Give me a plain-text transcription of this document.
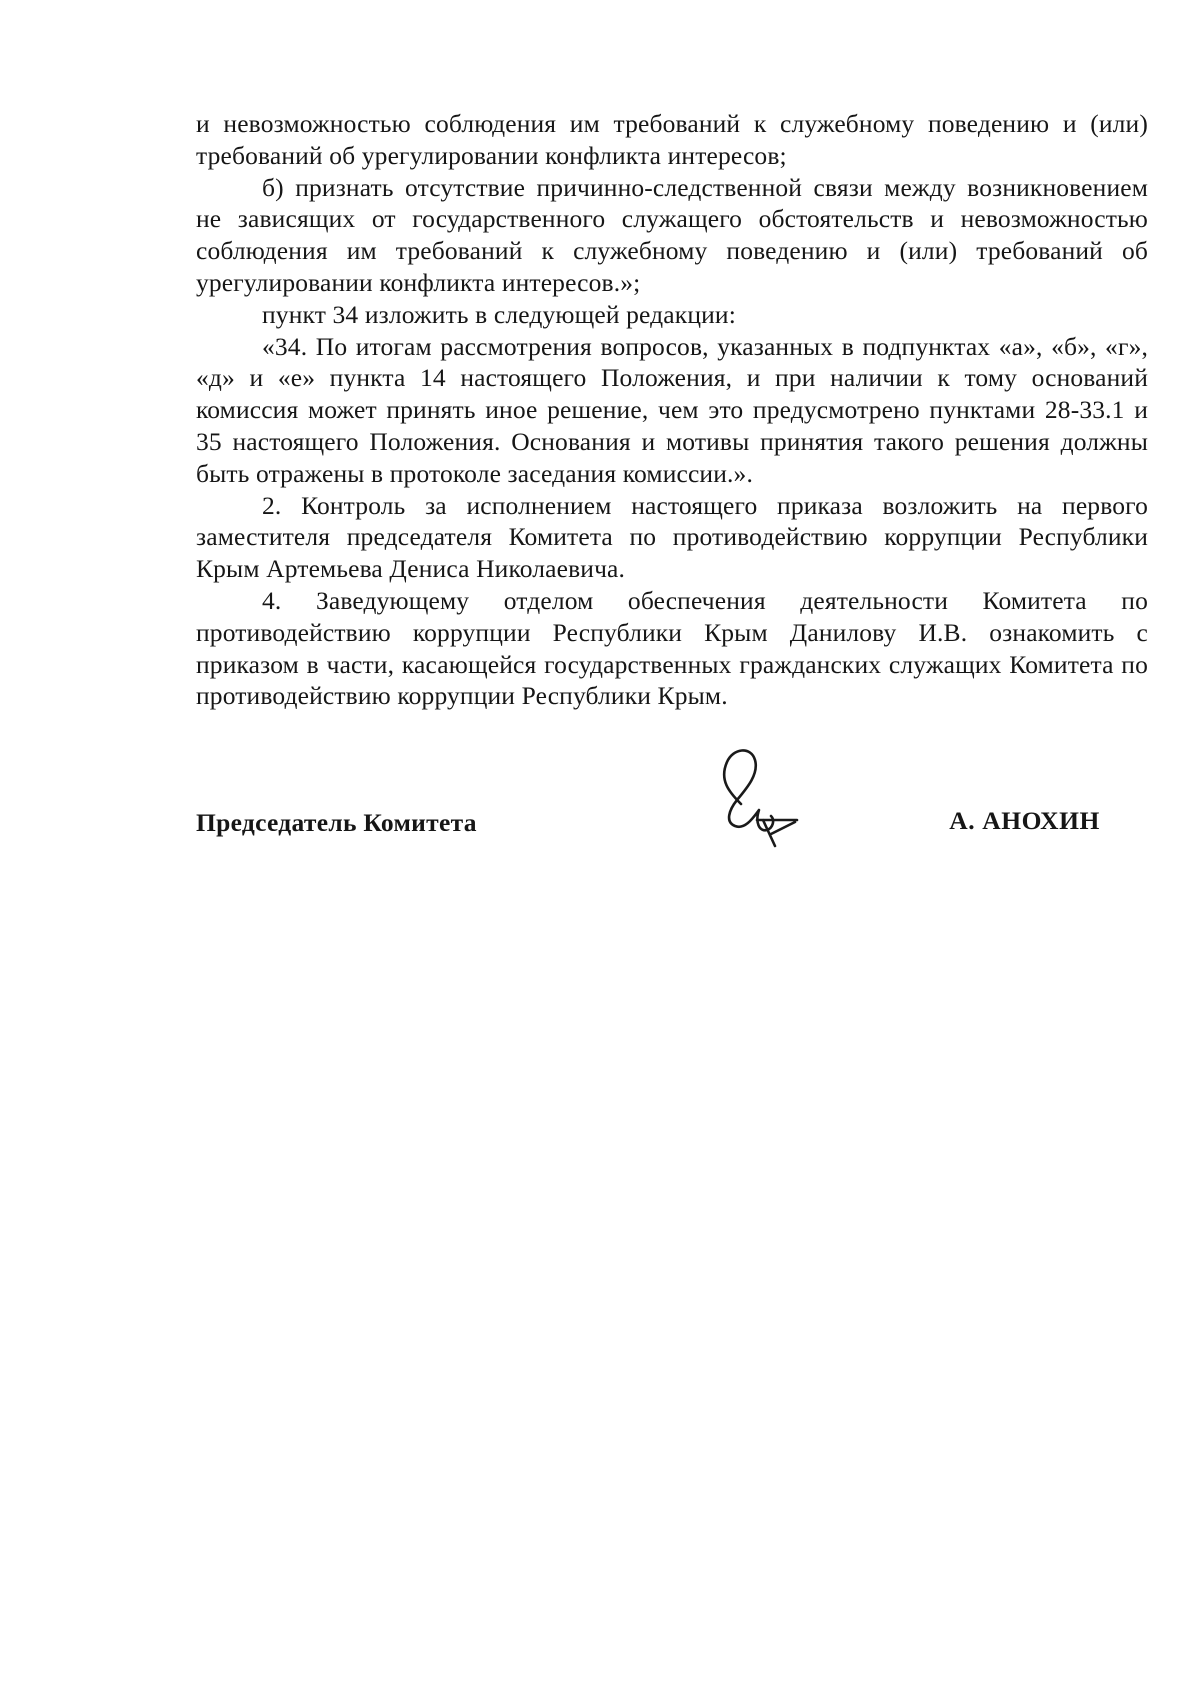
и невозможностью соблюдения им требований к служебному поведению и (или) требований об урегулировании конфликта интересов;

б) признать отсутствие причинно-следственной связи между возникновением не зависящих от государственного служащего обстоятельств и невозможностью соблюдения им требований к служебному поведению и (или) требований об урегулировании конфликта интересов.»;

пункт 34 изложить в следующей редакции:

«34. По итогам рассмотрения вопросов, указанных в подпунктах «а», «б», «г», «д» и «е» пункта 14 настоящего Положения, и при наличии к тому оснований комиссия может принять иное решение, чем это предусмотрено пунктами 28-33.1 и 35 настоящего Положения. Основания и мотивы принятия такого решения должны быть отражены в протоколе заседания комиссии.».

2. Контроль за исполнением настоящего приказа возложить на первого заместителя председателя Комитета по противодействию коррупции Республики Крым Артемьева Дениса Николаевича.

4. Заведующему отделом обеспечения деятельности Комитета по противодействию коррупции Республики Крым Данилову И.В. ознакомить с приказом в части, касающейся государственных гражданских служащих Комитета по противодействию коррупции Республики Крым.

Председатель Комитета	А. АНОХИН
